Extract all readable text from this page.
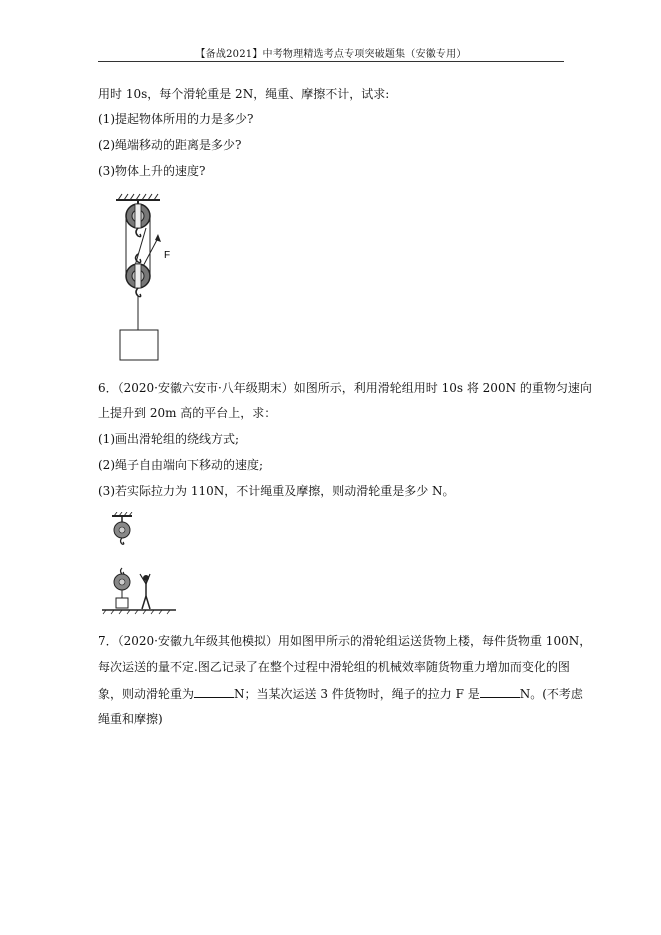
【备战2021】中考物理精选考点专项突破题集（安徽专用）
用时 10s，每个滑轮重是 2N，绳重、摩擦不计，试求:
(1)提起物体所用的力是多少?
(2)绳端移动的距离是多少?
(3)物体上升的速度?
F
6．（2020·安徽六安市·八年级期末）如图所示，利用滑轮组用时 10s 将 200N 的重物匀速向
上提升到 20m 高的平台上，求：
(1)画出滑轮组的绕线方式;
(2)绳子自由端向下移动的速度;
(3)若实际拉力为 110N，不计绳重及摩擦，则动滑轮重是多少 N。
7．（2020·安徽九年级其他模拟）用如图甲所示的滑轮组运送货物上楼，每件货物重 100N，
每次运送的量不定.图乙记录了在整个过程中滑轮组的机械效率随货物重力增加而变化的图
象，则动滑轮重为	N；当某次运送 3 件货物时，绳子的拉力 F 是	N。(不考虑
绳重和摩擦)
